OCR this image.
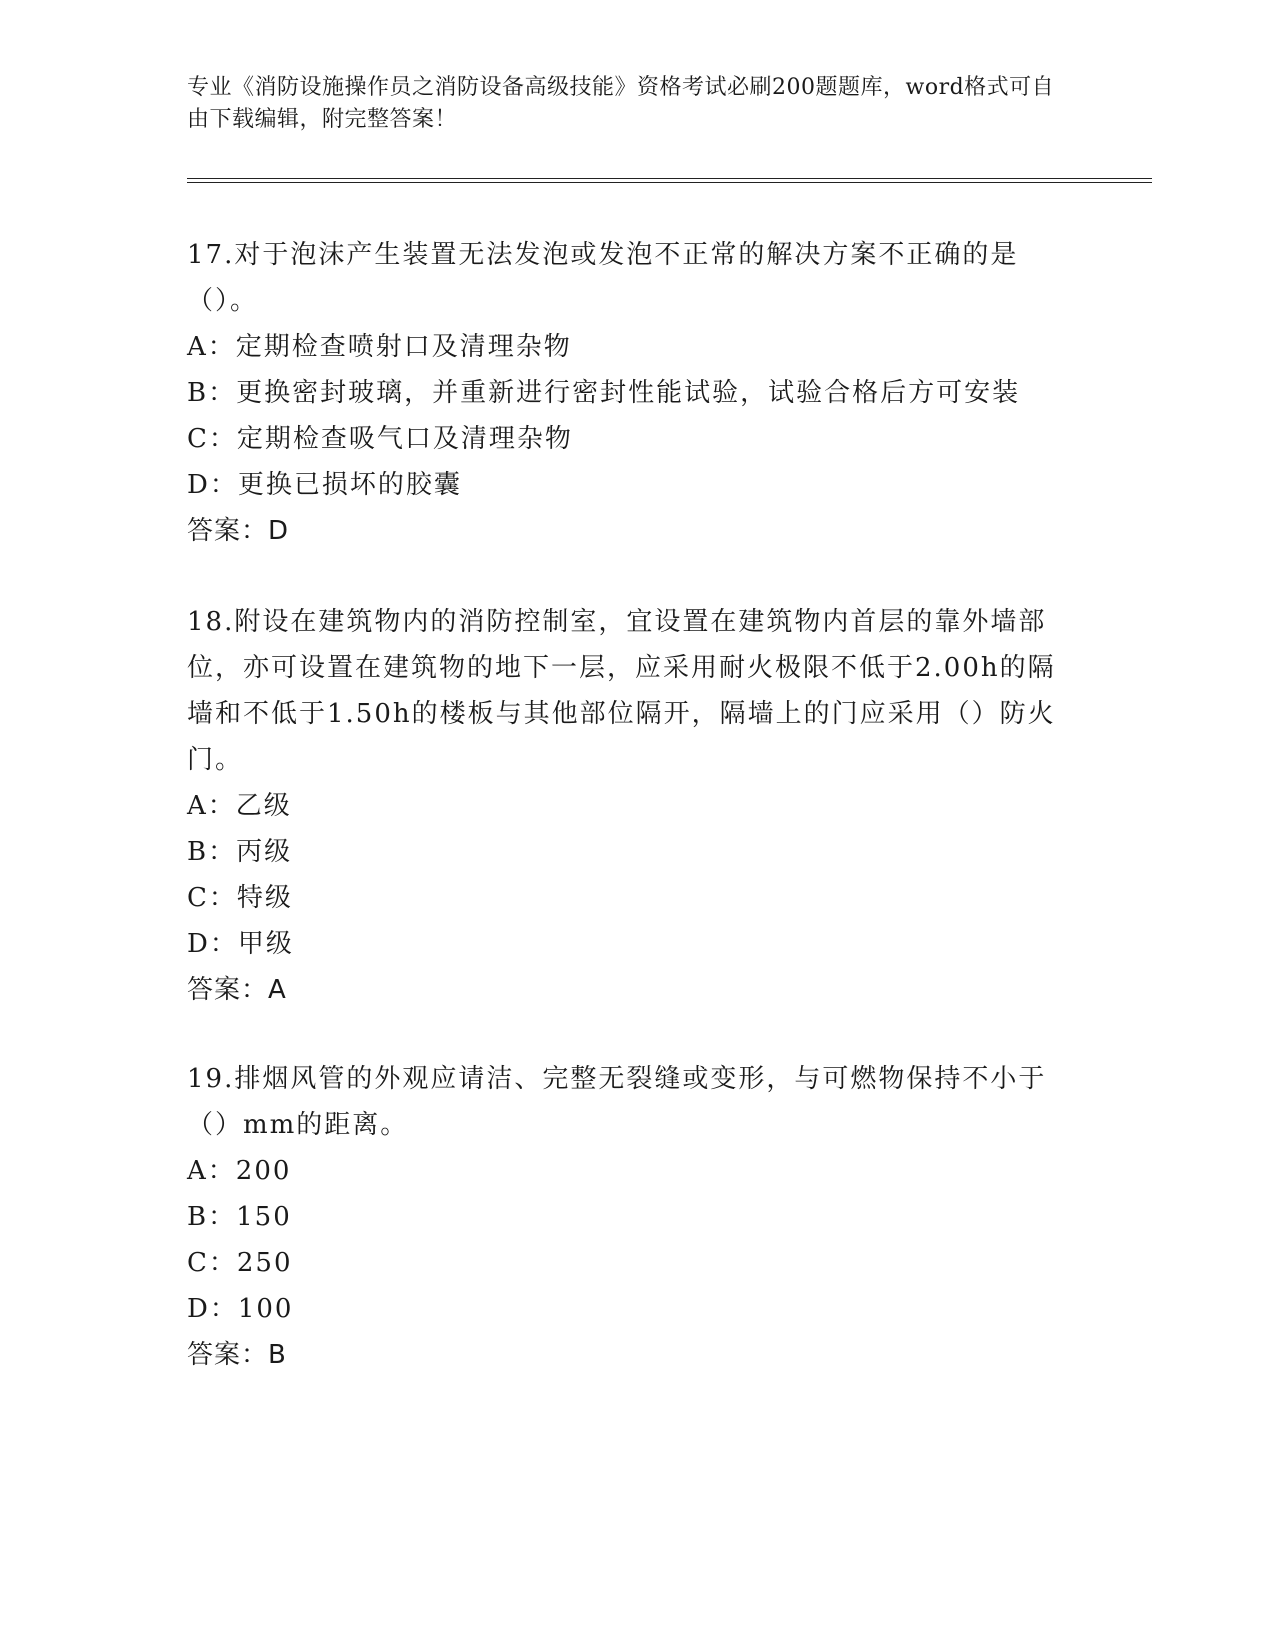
专业《消防设施操作员之消防设备高级技能》资格考试必刷200题题库，word格式可自由下载编辑，附完整答案！

17.对于泡沫产生装置无法发泡或发泡不正常的解决方案不正确的是（）。

A：定期检查喷射口及清理杂物

B：更换密封玻璃，并重新进行密封性能试验，试验合格后方可安装

C：定期检查吸气口及清理杂物

D：更换已损坏的胶囊

答案：D

18.附设在建筑物内的消防控制室，宜设置在建筑物内首层的靠外墙部位，亦可设置在建筑物的地下一层，应采用耐火极限不低于2.00h的隔墙和不低于1.50h的楼板与其他部位隔开，隔墙上的门应采用（）防火门。

A：乙级

B：丙级

C：特级

D：甲级

答案：A

19.排烟风管的外观应请洁、完整无裂缝或变形，与可燃物保持不小于（）mm的距离。

A：200

B：150

C：250

D：100

答案：B
